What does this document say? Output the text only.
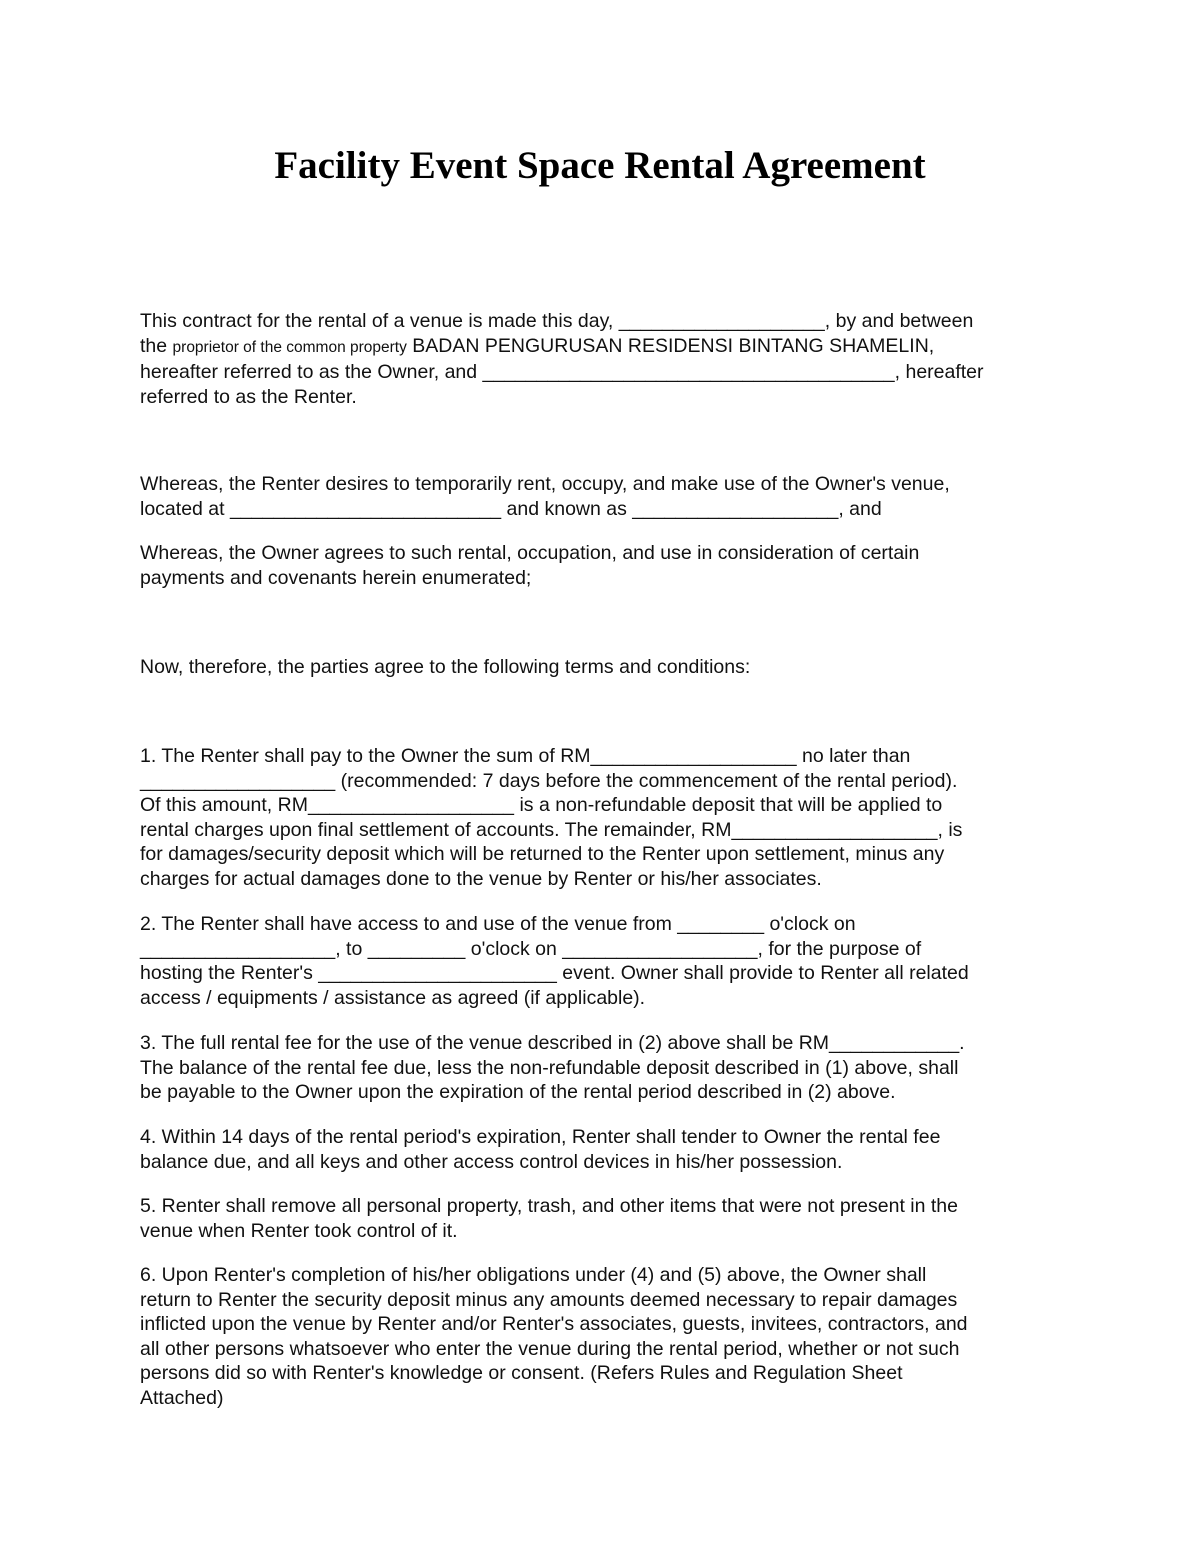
Facility Event Space Rental Agreement

This contract for the rental of a venue is made this day, ___________________, by and between
the proprietor of the common property BADAN PENGURUSAN RESIDENSI BINTANG SHAMELIN,
hereafter referred to as the Owner, and ______________________________________, hereafter
referred to as the Renter.

Whereas, the Renter desires to temporarily rent, occupy, and make use of the Owner's venue,
located at _________________________ and known as ___________________, and

Whereas, the Owner agrees to such rental, occupation, and use in consideration of certain
payments and covenants herein enumerated;

Now, therefore, the parties agree to the following terms and conditions:

1. The Renter shall pay to the Owner the sum of RM___________________ no later than
__________________ (recommended: 7 days before the commencement of the rental period).
Of this amount, RM___________________ is a non-refundable deposit that will be applied to
rental charges upon final settlement of accounts. The remainder, RM___________________, is
for damages/security deposit which will be returned to the Renter upon settlement, minus any
charges for actual damages done to the venue by Renter or his/her associates.

2. The Renter shall have access to and use of the venue from ________ o'clock on
__________________, to _________ o'clock on __________________, for the purpose of
hosting the Renter's ______________________ event. Owner shall provide to Renter all related
access / equipments / assistance as agreed (if applicable).

3. The full rental fee for the use of the venue described in (2) above shall be RM____________.
The balance of the rental fee due, less the non-refundable deposit described in (1) above, shall
be payable to the Owner upon the expiration of the rental period described in (2) above.

4. Within 14 days of the rental period's expiration, Renter shall tender to Owner the rental fee
balance due, and all keys and other access control devices in his/her possession.

5. Renter shall remove all personal property, trash, and other items that were not present in the
venue when Renter took control of it.

6. Upon Renter's completion of his/her obligations under (4) and (5) above, the Owner shall
return to Renter the security deposit minus any amounts deemed necessary to repair damages
inflicted upon the venue by Renter and/or Renter's associates, guests, invitees, contractors, and
all other persons whatsoever who enter the venue during the rental period, whether or not such
persons did so with Renter's knowledge or consent. (Refers Rules and Regulation Sheet
Attached)
